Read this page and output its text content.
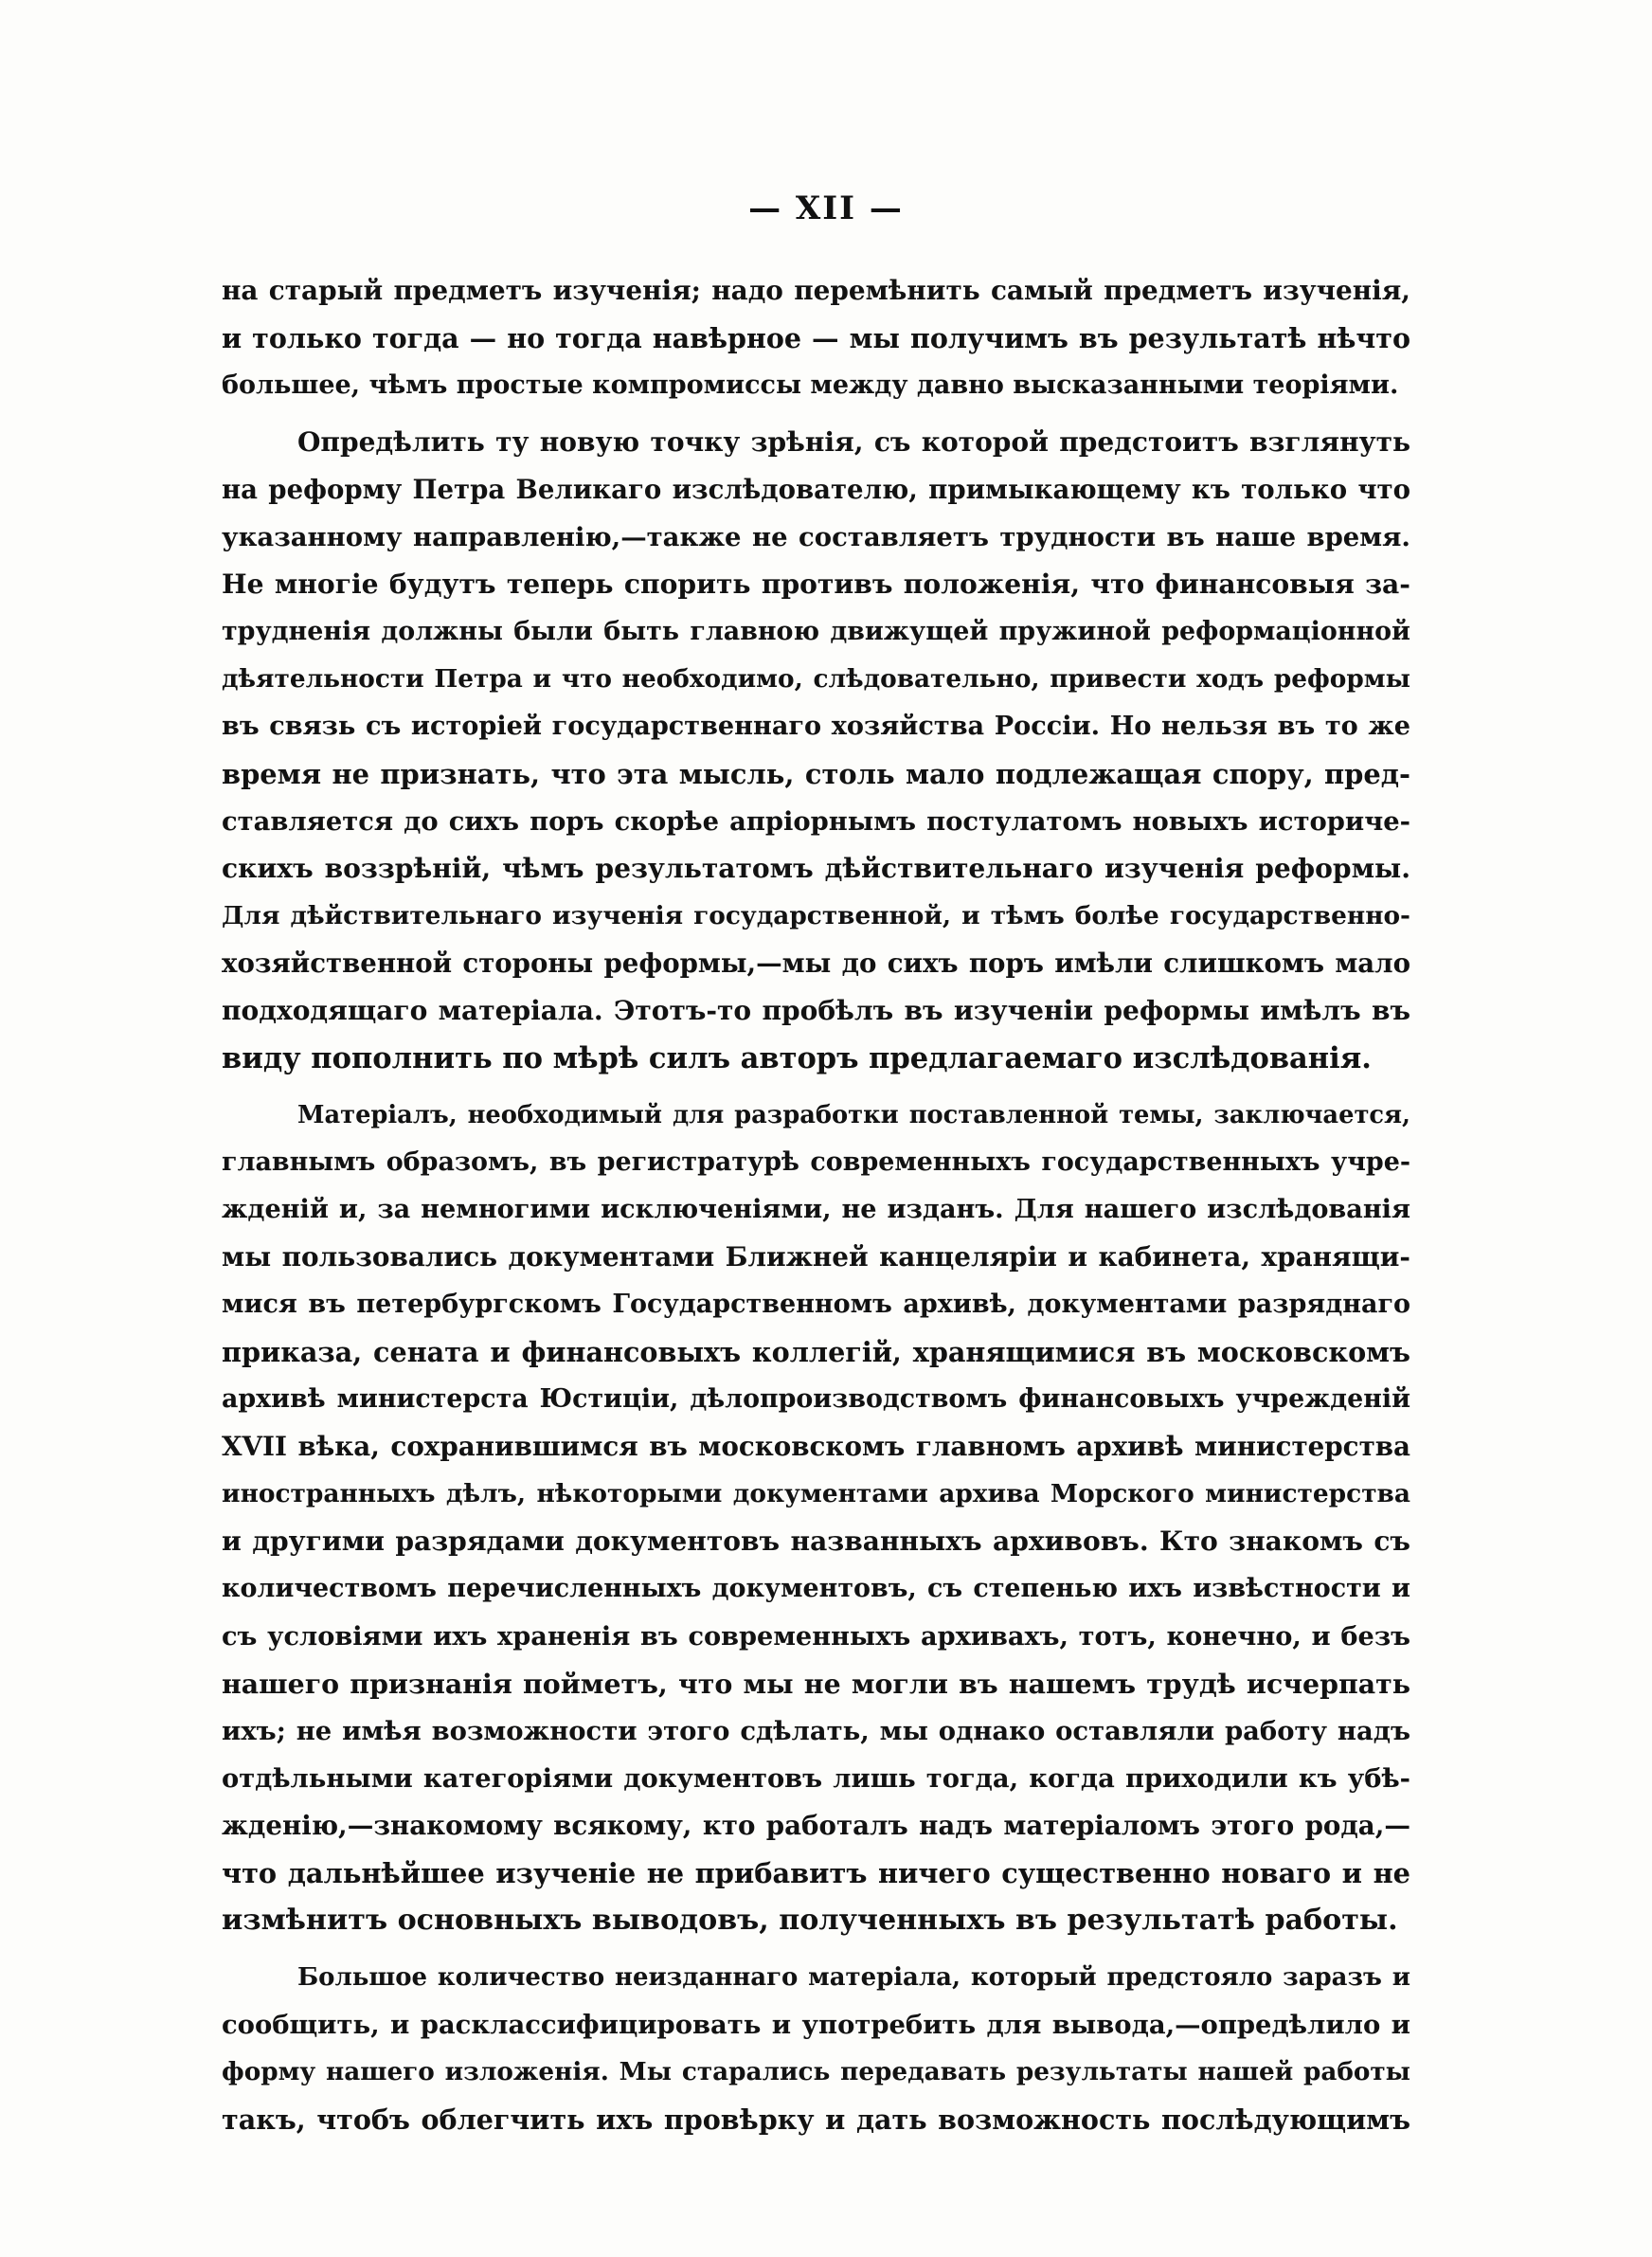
— XII —
на старый предметъ изученія; надо перемѣнить самый предметъ изученія,
и только тогда — но тогда навѣрное — мы получимъ въ результатѣ нѣчто
большее, чѣмъ простые компромиссы между давно высказанными теоріями.
Опредѣлить ту новую точку зрѣнія, съ которой предстоитъ взглянуть
на реформу Петра Великаго изслѣдователю, примыкающему къ только что
указанному направленію,—также не составляетъ трудности въ наше время.
Не многіе будутъ теперь спорить противъ положенія, что финансовыя за-
трудненія должны были быть главною движущей пружиной реформаціонной
дѣятельности Петра и что необходимо, слѣдовательно, привести ходъ реформы
въ связь съ исторіей государственнаго хозяйства Россіи. Но нельзя въ то же
время не признать, что эта мысль, столь мало подлежащая спору, пред-
ставляется до сихъ поръ скорѣе апріорнымъ постулатомъ новыхъ историче-
скихъ воззрѣній, чѣмъ результатомъ дѣйствительнаго изученія реформы.
Для дѣйствительнаго изученія государственной, и тѣмъ болѣе государственно-
хозяйственной стороны реформы,—мы до сихъ поръ имѣли слишкомъ мало
подходящаго матеріала. Этотъ-то пробѣлъ въ изученіи реформы имѣлъ въ
виду пополнить по мѣрѣ силъ авторъ предлагаемаго изслѣдованія.
Матеріалъ, необходимый для разработки поставленной темы, заключается,
главнымъ образомъ, въ регистратурѣ современныхъ государственныхъ учре-
жденій и, за немногими исключеніями, не изданъ. Для нашего изслѣдованія
мы пользовались документами Ближней канцеляріи и кабинета, хранящи-
мися въ петербургскомъ Государственномъ архивѣ, документами разряднаго
приказа, сената и финансовыхъ коллегій, хранящимися въ московскомъ
архивѣ министерста Юстиціи, дѣлопроизводствомъ финансовыхъ учрежденій
XVII вѣка, сохранившимся въ московскомъ главномъ архивѣ министерства
иностранныхъ дѣлъ, нѣкоторыми документами архива Морского министерства
и другими разрядами документовъ названныхъ архивовъ. Кто знакомъ съ
количествомъ перечисленныхъ документовъ, съ степенью ихъ извѣстности и
съ условіями ихъ храненія въ современныхъ архивахъ, тотъ, конечно, и безъ
нашего признанія пойметъ, что мы не могли въ нашемъ трудѣ исчерпать
ихъ; не имѣя возможности этого сдѣлать, мы однако оставляли работу надъ
отдѣльными категоріями документовъ лишь тогда, когда приходили къ убѣ-
жденію,—знакомому всякому, кто работалъ надъ матеріаломъ этого рода,—
что дальнѣйшее изученіе не прибавитъ ничего существенно новаго и не
измѣнитъ основныхъ выводовъ, полученныхъ въ результатѣ работы.
Большое количество неизданнаго матеріала, который предстояло заразъ и
сообщить, и расклассифицировать и употребить для вывода,—опредѣлило и
форму нашего изложенія. Мы старались передавать результаты нашей работы
такъ, чтобъ облегчить ихъ провѣрку и дать возможность послѣдующимъ
